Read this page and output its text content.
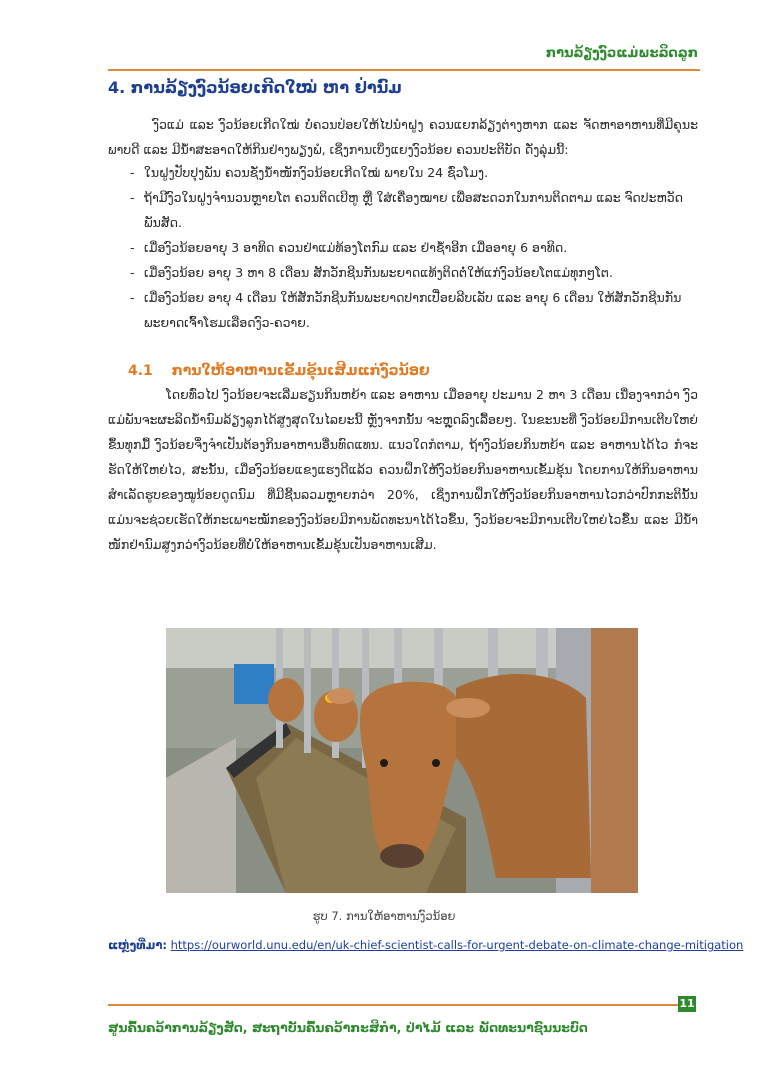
ການລ້ຽງງົວແມ່ພະລິດລູກ
4. ການລ້ຽງງົວນ້ອຍເກີດໃໝ່ ຫາ ຢ່ານົມ

ງົວແມ່ ແລະ ງົວນ້ອຍເກີດໃໝ່ ບໍ່ຄວນປ່ອຍໃຫ້ໄປນຳຝູງ ຄວນແຍກລ້ຽງຕ່າງຫາກ ແລະ ຈັດຫາອາຫານທີ່ມີຄຸນະພາບດີ ແລະ ມີນ້ຳສະອາດໃຫ້ກິນຢ່າງພຽງພໍ, ເຊິ່ງການເບິ່ງແຍງງົວນ້ອຍ ຄວນປະຕິບັດ ດັ່ງລຸ່ມນີ້:

- ໃນຝູງປັບປຸງພັນ ຄວນຊັ່ງນ້ຳໜັກງົວນ້ອຍເກີດໃໝ່ ພາຍໃນ 24 ຊົ່ວໂມງ.
- ຖ້າມີງົວໃນຝູງຈຳນວນຫຼາຍໂຕ ຄວນຕິດເບີຫູ ຫຼື ໃສ່ເຄື່ອງໝາຍ ເພື່ອສະດວກໃນການຕິດຕາມ ແລະ ຈົດປະຫວັດພັນສັດ.
- ເມື່ອງົວນ້ອຍອາຍຸ 3 ອາທິດ ຄວນຢ່າແມ່ທ້ອງໂຕກົມ ແລະ ຢ່າຊ້ຳອີກ ເມື່ອອາຍຸ 6 ອາທິດ.
- ເມື່ອງົວນ້ອຍ ອາຍຸ 3 ຫາ 8 ເດືອນ ສັກວັກຊີນກັນພະຍາດແທ້ງຕິດຕໍ່ໃຫ້ແກ່ງົວນ້ອຍໂຕແມ່ທຸກໆໂຕ.
- ເມື່ອງົວນ້ອຍ ອາຍຸ 4 ເດືອນ ໃຫ້ສັກວັກຊີນກັນພະຍາດປາກເປື່ອຍລີບເລັບ ແລະ ອາຍຸ 6 ເດືອນ ໃຫ້ສັກວັກຊີນກັນພະຍາດເຈົ້າໂຮມເລືອດງົວ-ຄວາຍ.
4.1 ການໃຫ້ອາຫານເຂັ້ມຂຸ້ນເສີມແກ່ງົວນ້ອຍ

ໂດຍທົ່ວໄປ ງົວນ້ອຍຈະເລີ່ມຮຽນກິນຫຍ້າ ແລະ ອາຫານ ເມື່ອອາຍຸ ປະມານ 2 ຫາ 3 ເດືອນ ເນື່ອງຈາກວ່າ ງົວແມ່ພັນຈະຜະລິດນ້ຳນົມລ້ຽງລູກໄດ້ສູງສຸດໃນໄລຍະນີ້ ຫຼັງຈາກນັ້ນ ຈະຫຼຸດລົງເລື້ອຍໆ. ໃນຂະນະທີ່ ງົວນ້ອຍມີການເຕີບໃຫຍ່ຂຶ້ນທຸກມື້ ງົວນ້ອຍຈຶ່ງຈຳເປັນຕ້ອງກິນອາຫານອື່ນທົດແທນ. ແນວໃດກໍຕາມ, ຖ້າງົວນ້ອຍກິນຫຍ້າ ແລະ ອາຫານໄດ້ໄວ ກໍຈະຮັດໃຫ້ໃຫຍ່ໄວ, ສະນັ້ນ, ເມື່ອງົວນ້ອຍແຂງແຮງດີແລ້ວ ຄວນຝຶກໃຫ້ງົວນ້ອຍກິນອາຫານເຂັ້ມຂຸ້ນ ໂດຍການໃຫ້ກິນອາຫານສຳເລັດຮູບຂອງໝູນ້ອຍດູດນົມ ທີ່ມີຊີ້ນລວມຫຼາຍກວ່າ 20%, ເຊິ່ງການຝຶກໃຫ້ງົວນ້ອຍກິນອາຫານໄວກວ່າປົກກະຕິນັ້ນ ແມ່ນຈະຊ່ວຍເຮັດໃຫ້ກະເພາະໝັກຂອງງົວນ້ອຍມີການພັດທະນາໄດ້ໄວຂຶ້ນ, ງົວນ້ອຍຈະມີການເຕີບໃຫຍ່ໄວຂຶ້ນ ແລະ ມີນ້ຳໜັກຢ່ານົມສູງກວ່າງົວນ້ອຍທີ່ບໍ່ໃຫ້ອາຫານເຂັ້ມຂຸ້ນເປັນອາຫານເສີມ.

ຮູບ 7. ການໃຫ້ອາຫານງົວນ້ອຍ
ແຫຼ່ງທີ່ມາ: https://ourworld.unu.edu/en/uk-chief-scientist-calls-for-urgent-debate-on-climate-change-mitigation
11
ສູນຄົ້ນຄວ້າການລ້ຽງສັດ, ສະຖາບັນຄົ້ນຄວ້າກະສິກຳ, ປ່າໄມ້ ແລະ ພັດທະນາຊົນນະບົດ
